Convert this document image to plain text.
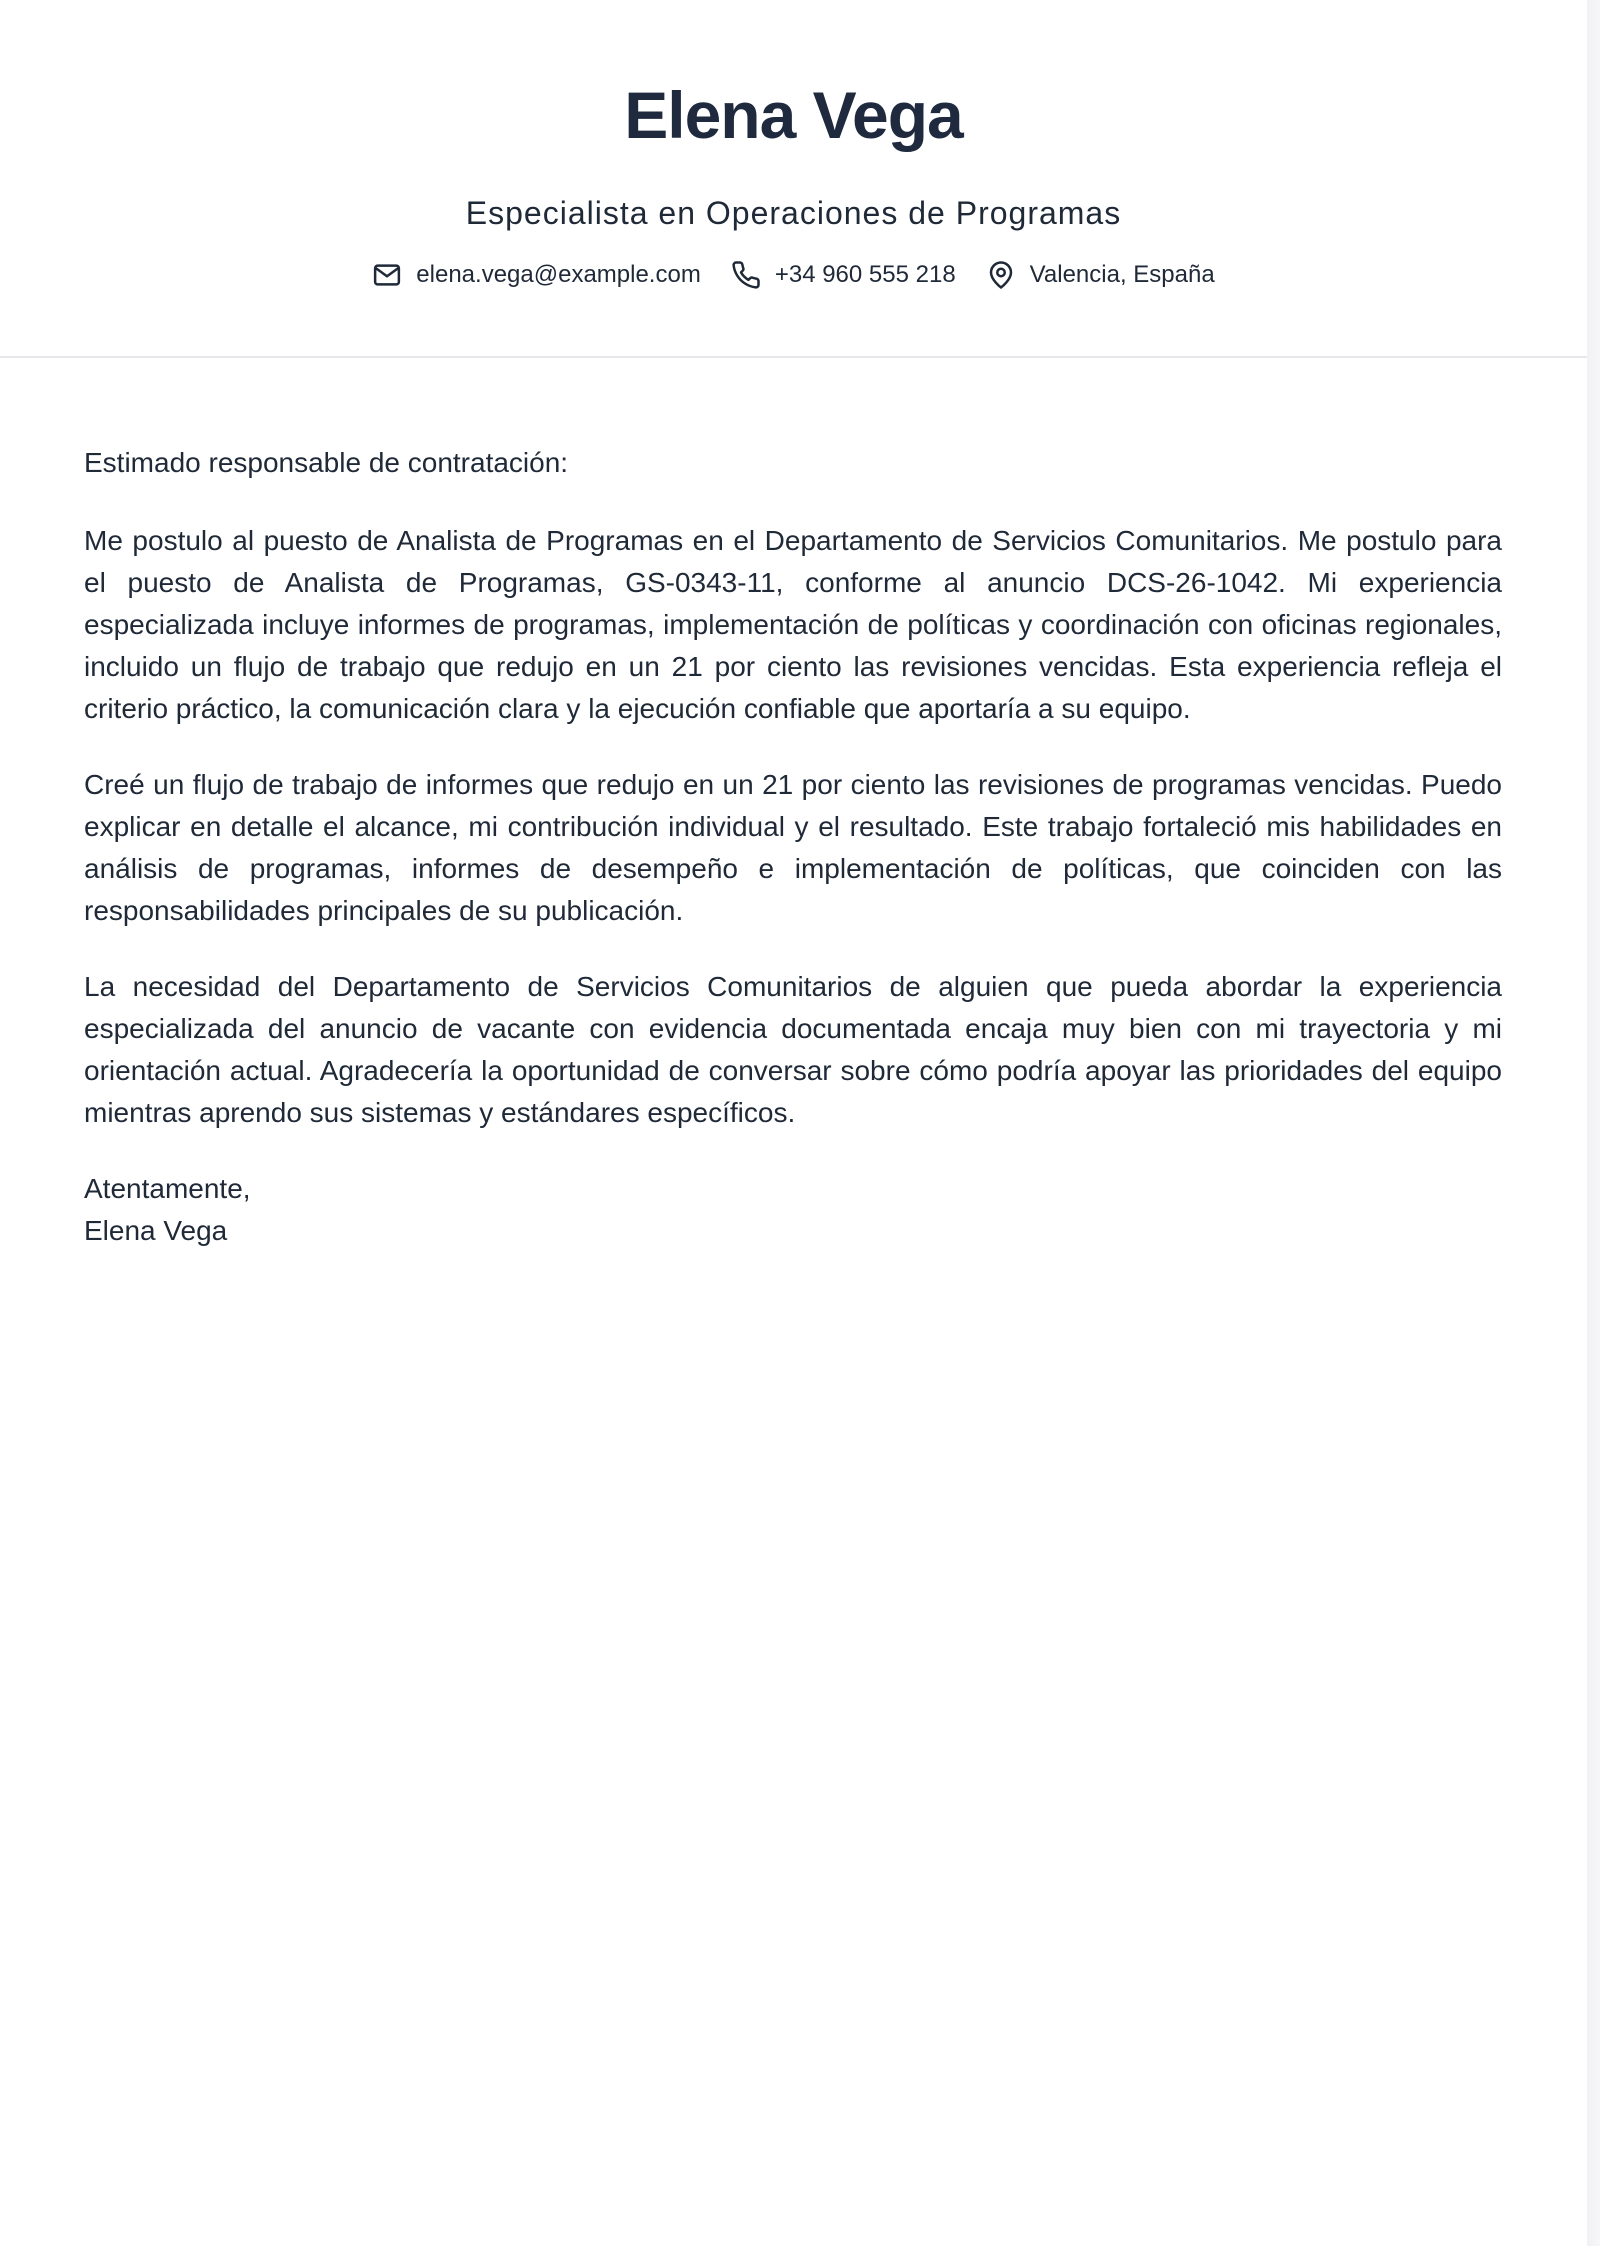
Elena Vega
Especialista en Operaciones de Programas
elena.vega@example.com	+34 960 555 218	Valencia, España

Estimado responsable de contratación:

Me postulo al puesto de Analista de Programas en el Departamento de Servicios Comunitarios. Me postulo para el puesto de Analista de Programas, GS-0343-11, conforme al anuncio DCS-26-1042. Mi experiencia especializada incluye informes de programas, implementación de políticas y coordinación con oficinas regionales, incluido un flujo de trabajo que redujo en un 21 por ciento las revisiones vencidas. Esta experiencia refleja el criterio práctico, la comunicación clara y la ejecución confiable que aportaría a su equipo.

Creé un flujo de trabajo de informes que redujo en un 21 por ciento las revisiones de programas vencidas. Puedo explicar en detalle el alcance, mi contribución individual y el resultado. Este trabajo fortaleció mis habilidades en análisis de programas, informes de desempeño e implementación de políticas, que coinciden con las responsabilidades principales de su publicación.

La necesidad del Departamento de Servicios Comunitarios de alguien que pueda abordar la experiencia especializada del anuncio de vacante con evidencia documentada encaja muy bien con mi trayectoria y mi orientación actual. Agradecería la oportunidad de conversar sobre cómo podría apoyar las prioridades del equipo mientras aprendo sus sistemas y estándares específicos.

Atentamente,
Elena Vega
